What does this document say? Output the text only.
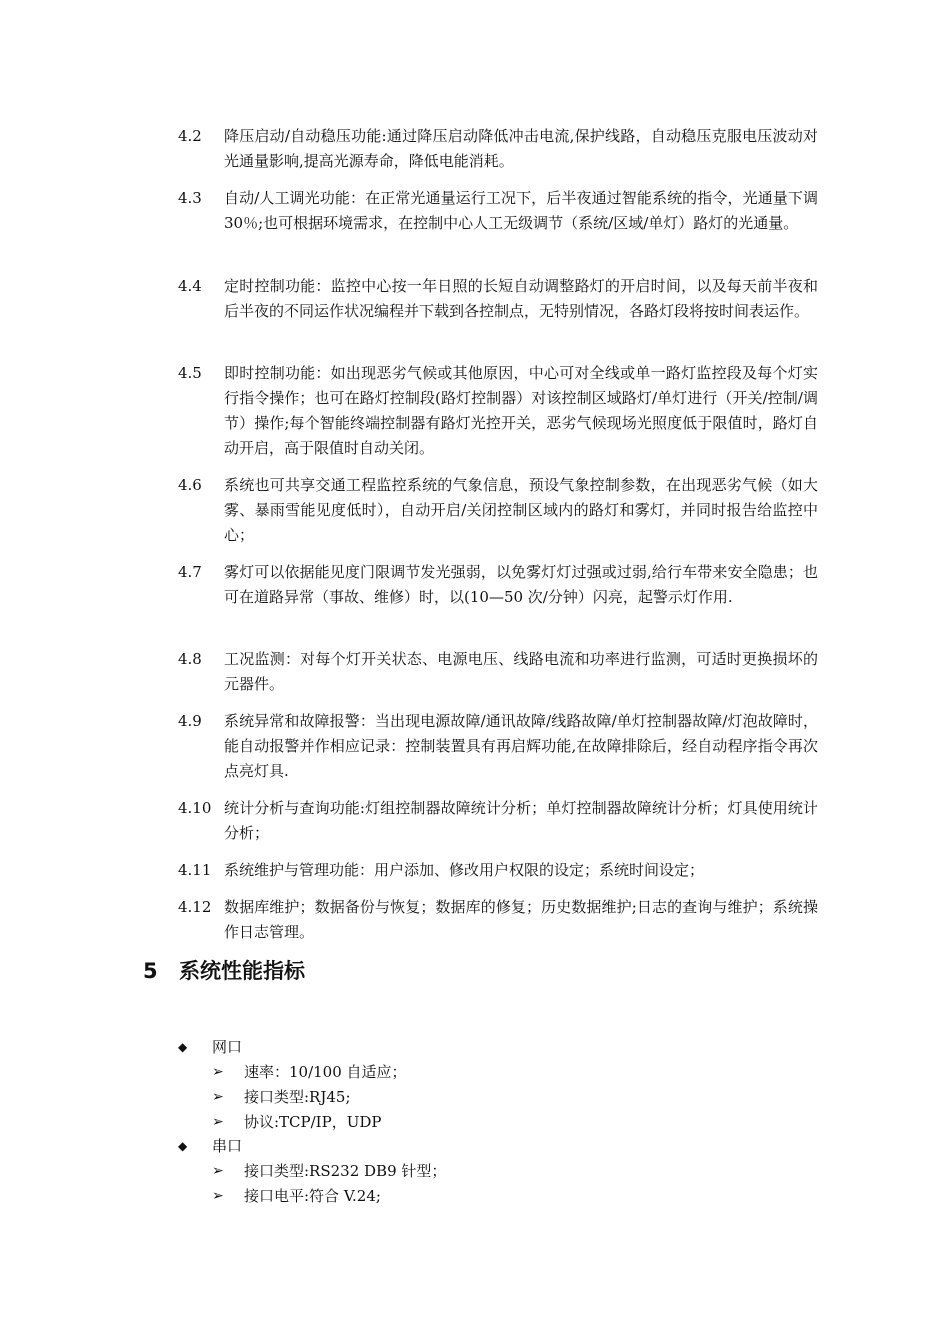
4.2	降压启动/自动稳压功能:通过降压启动降低冲击电流,保护线路，自动稳压克服电压波动对光通量影响,提高光源寿命，降低电能消耗。
4.3	自动/人工调光功能：在正常光通量运行工况下，后半夜通过智能系统的指令，光通量下调 30％;也可根据环境需求，在控制中心人工无级调节（系统/区域/单灯）路灯的光通量。
4.4	定时控制功能：监控中心按一年日照的长短自动调整路灯的开启时间，以及每天前半夜和后半夜的不同运作状况编程并下载到各控制点，无特别情况，各路灯段将按时间表运作。
4.5	即时控制功能：如出现恶劣气候或其他原因，中心可对全线或单一路灯监控段及每个灯实行指令操作；也可在路灯控制段(路灯控制器）对该控制区域路灯/单灯进行（开关/控制/调节）操作;每个智能终端控制器有路灯光控开关，恶劣气候现场光照度低于限值时，路灯自动开启，高于限值时自动关闭。
4.6	系统也可共享交通工程监控系统的气象信息，预设气象控制参数，在出现恶劣气候（如大雾、暴雨雪能见度低时），自动开启/关闭控制区域内的路灯和雾灯，并同时报告给监控中心；
4.7	雾灯可以依据能见度门限调节发光强弱，以免雾灯灯过强或过弱,给行车带来安全隐患；也可在道路异常（事故、维修）时，以(10—50 次/分钟）闪亮，起警示灯作用.
4.8	工况监测：对每个灯开关状态、电源电压、线路电流和功率进行监测，可适时更换损坏的元器件。
4.9	系统异常和故障报警：当出现电源故障/通讯故障/线路故障/单灯控制器故障/灯泡故障时，能自动报警并作相应记录：控制装置具有再启辉功能,在故障排除后，经自动程序指令再次点亮灯具.
4.10 统计分析与查询功能:灯组控制器故障统计分析；单灯控制器故障统计分析；灯具使用统计分析；
4.11 系统维护与管理功能：用户添加、修改用户权限的设定；系统时间设定；
4.12 数据库维护；数据备份与恢复；数据库的修复；历史数据维护;日志的查询与维护；系统操作日志管理。
5 系统性能指标
◆	网口
➢	速率：10/100 自适应；
➢	接口类型:RJ45;
➢	协议:TCP/IP，UDP
◆	串口
➢	接口类型:RS232 DB9 针型；
➢	接口电平:符合 V.24;
